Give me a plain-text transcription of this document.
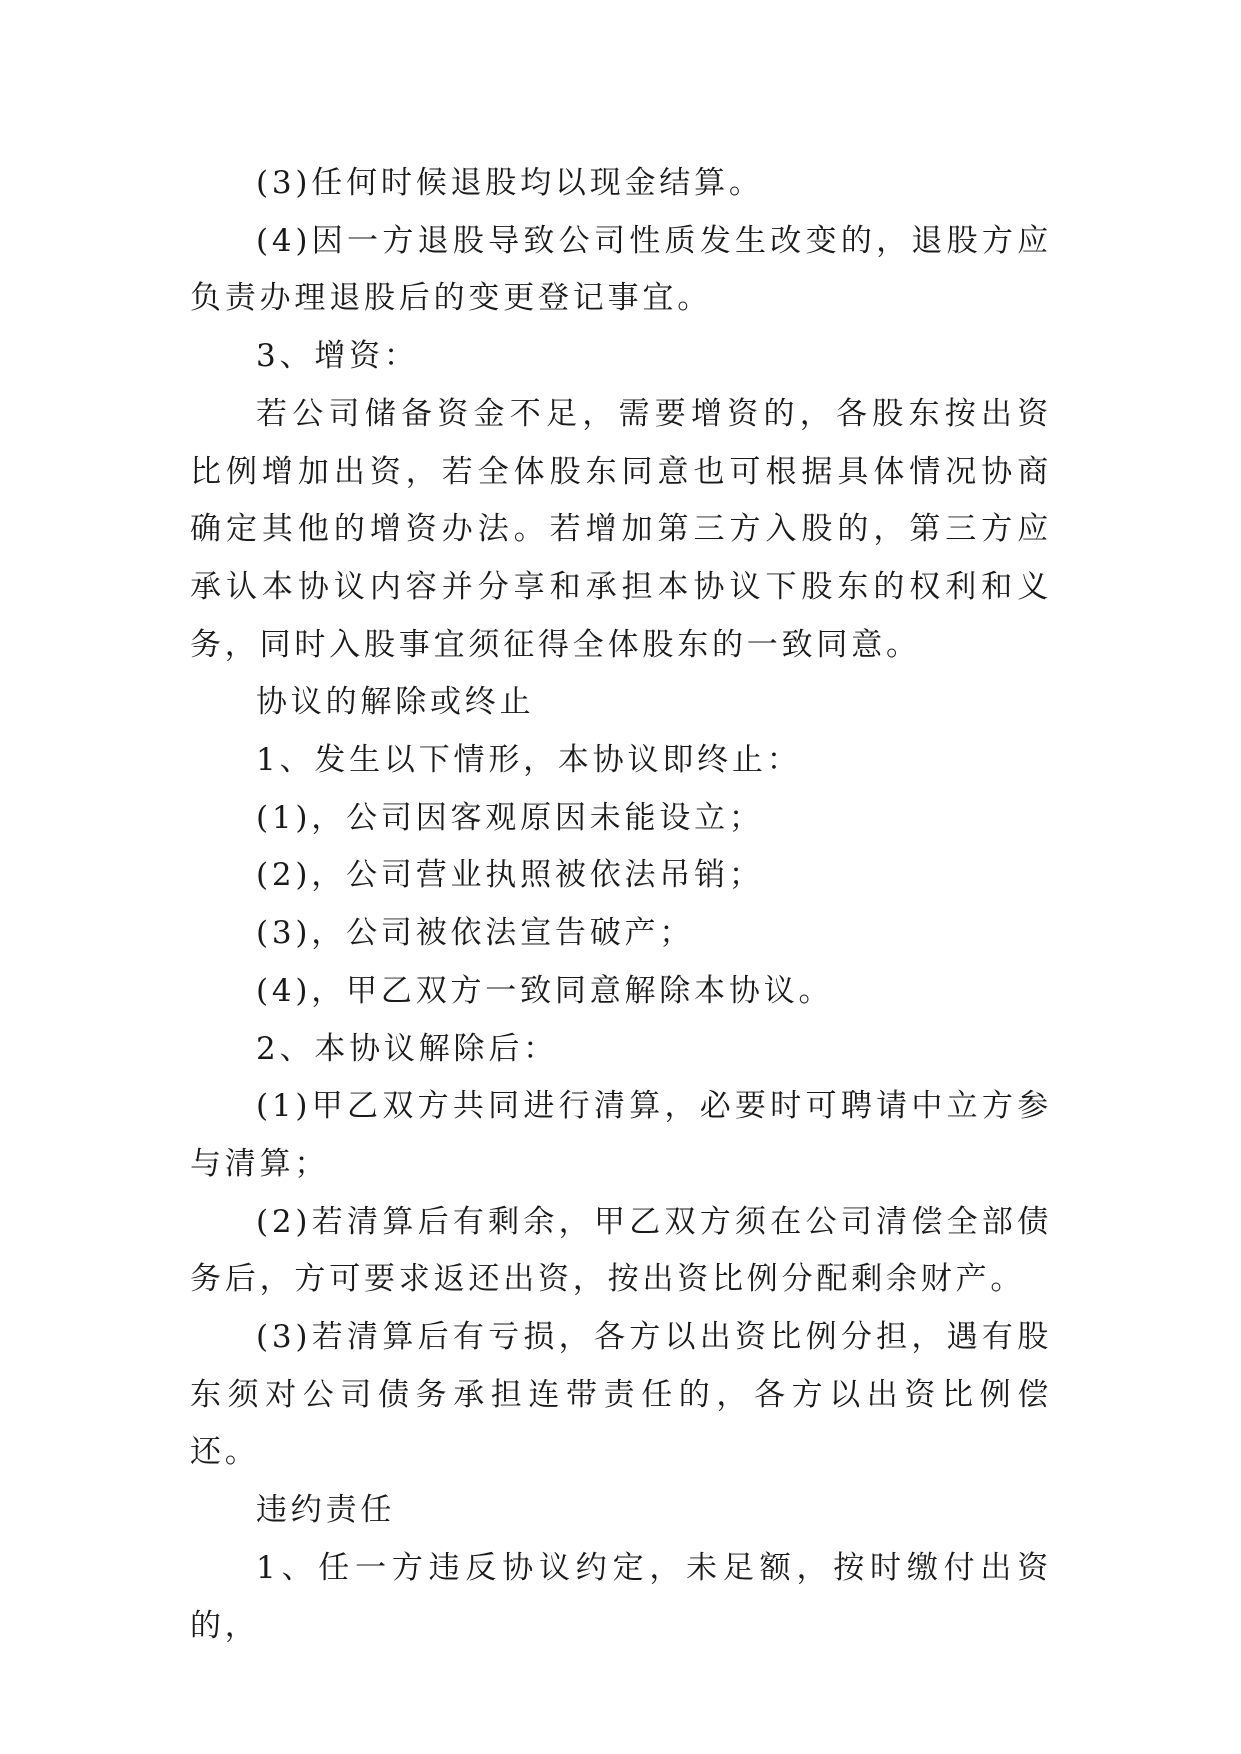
(3)任何时候退股均以现金结算。

(4)因一方退股导致公司性质发生改变的，退股方应负责办理退股后的变更登记事宜。

3、增资：

若公司储备资金不足，需要增资的，各股东按出资比例增加出资，若全体股东同意也可根据具体情况协商确定其他的增资办法。若增加第三方入股的，第三方应承认本协议内容并分享和承担本协议下股东的权利和义务，同时入股事宜须征得全体股东的一致同意。

协议的解除或终止

1、发生以下情形，本协议即终止：

(1)，公司因客观原因未能设立；

(2)，公司营业执照被依法吊销；

(3)，公司被依法宣告破产；

(4)，甲乙双方一致同意解除本协议。

2、本协议解除后：

(1)甲乙双方共同进行清算，必要时可聘请中立方参与清算；

(2)若清算后有剩余，甲乙双方须在公司清偿全部债务后，方可要求返还出资，按出资比例分配剩余财产。

(3)若清算后有亏损，各方以出资比例分担，遇有股东须对公司债务承担连带责任的，各方以出资比例偿还。

违约责任

1、任一方违反协议约定，未足额，按时缴付出资的，
